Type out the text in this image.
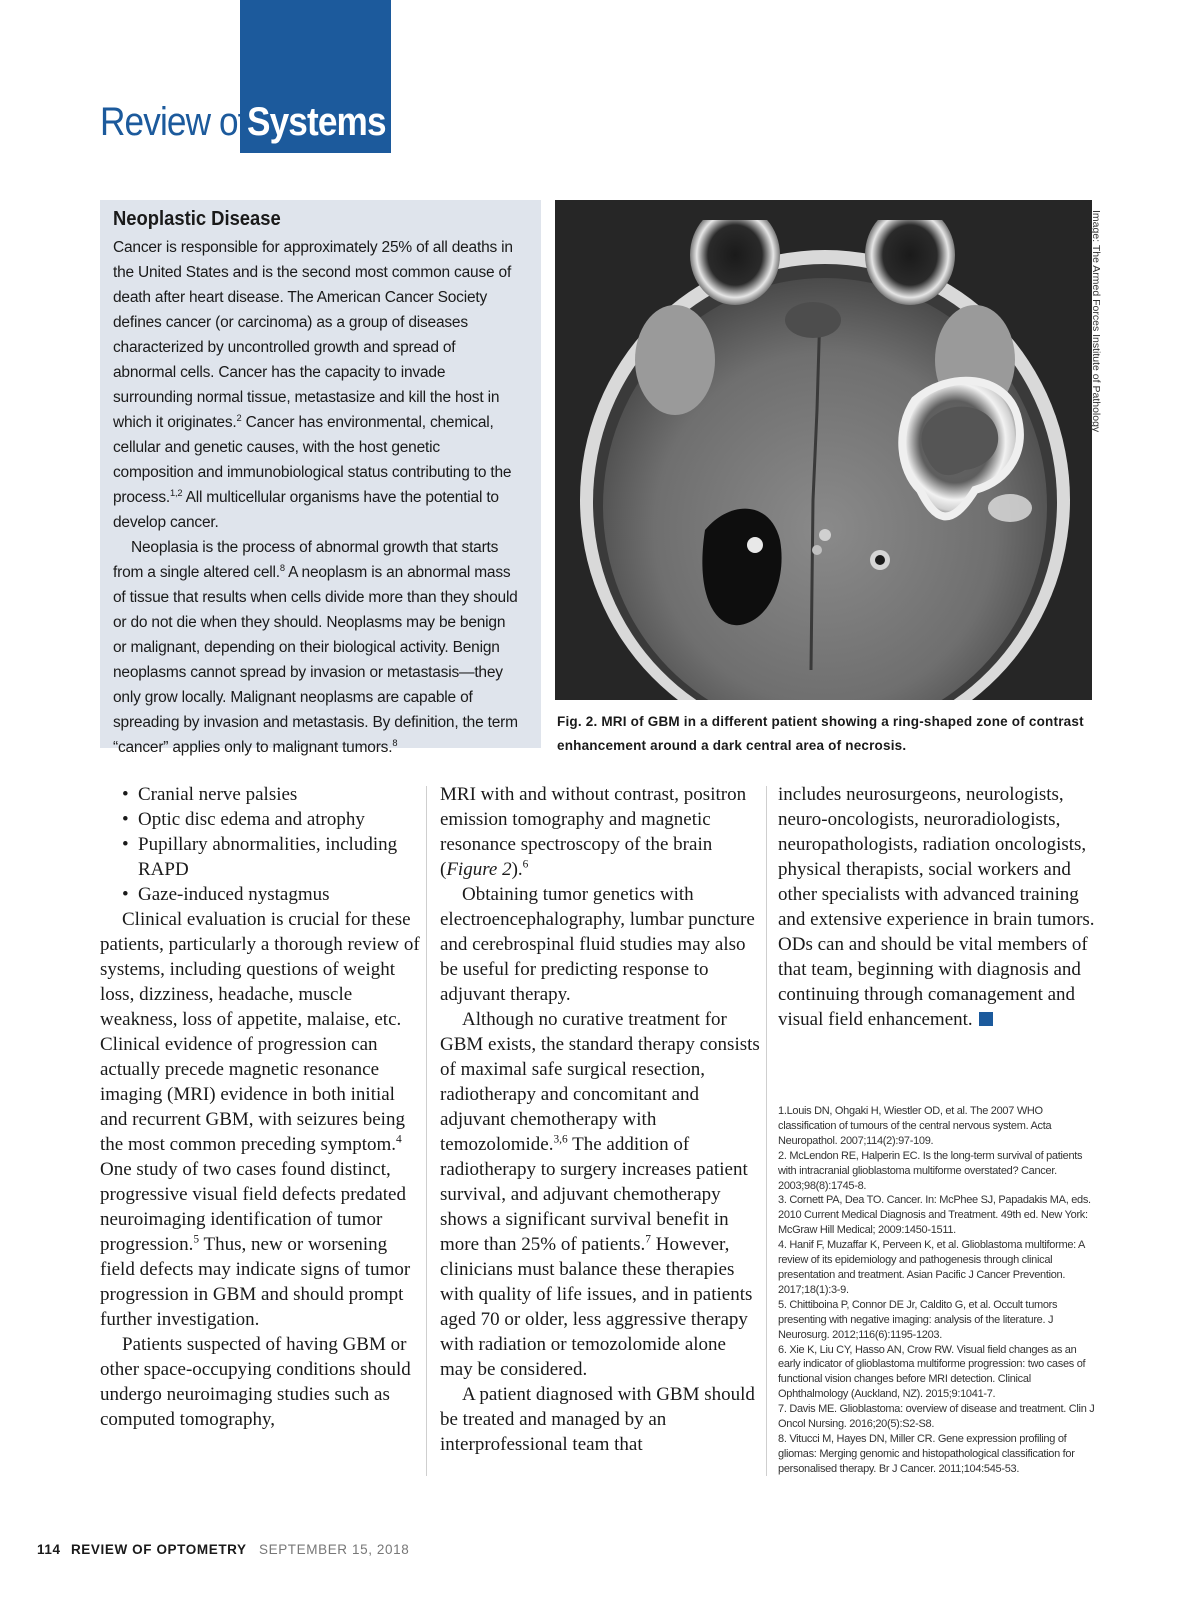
Review of Systems
Neoplastic Disease

Cancer is responsible for approximately 25% of all deaths in the United States and is the second most common cause of death after heart disease. The American Cancer Society defines cancer (or carcinoma) as a group of diseases characterized by uncontrolled growth and spread of abnormal cells. Cancer has the capacity to invade surrounding normal tissue, metastasize and kill the host in which it originates.$^2$ Cancer has environmental, chemical, cellular and genetic causes, with the host genetic composition and immunobiological status contributing to the process.$^{1,2}$ All multicellular organisms have the potential to develop cancer.

Neoplasia is the process of abnormal growth that starts from a single altered cell.$^8$ A neoplasm is an abnormal mass of tissue that results when cells divide more than they should or do not die when they should. Neoplasms may be benign or malignant, depending on their biological activity. Benign neoplasms cannot spread by invasion or metastasis—they only grow locally. Malignant neoplasms are capable of spreading by invasion and metastasis. By definition, the term “cancer” applies only to malignant tumors.$^8$

Image: The Armed Forces Institute of Pathology
Fig. 2. MRI of GBM in a different patient showing a ring-shaped zone of contrast enhancement around a dark central area of necrosis.
• Cranial nerve palsies
• Optic disc edema and atrophy
• Pupillary abnormalities, including RAPD
• Gaze-induced nystagmus

Clinical evaluation is crucial for these patients, particularly a thorough review of systems, including questions of weight loss, dizziness, headache, muscle weakness, loss of appetite, malaise, etc. Clinical evidence of progression can actually precede magnetic resonance imaging (MRI) evidence in both initial and recurrent GBM, with seizures being the most common preceding symptom.$^4$ One study of two cases found distinct, progressive visual field defects predated neuroimaging identification of tumor progression.$^5$ Thus, new or worsening field defects may indicate signs of tumor progression in GBM and should prompt further investigation.

Patients suspected of having GBM or other space-occupying conditions should undergo neuroimaging studies such as computed tomography,

MRI with and without contrast, positron emission tomography and magnetic resonance spectroscopy of the brain (Figure 2).$^6$

Obtaining tumor genetics with electroencephalography, lumbar puncture and cerebrospinal fluid studies may also be useful for predicting response to adjuvant therapy.

Although no curative treatment for GBM exists, the standard therapy consists of maximal safe surgical resection, radiotherapy and concomitant and adjuvant chemotherapy with temozolomide.$^{3,6}$ The addition of radiotherapy to surgery increases patient survival, and adjuvant chemotherapy shows a significant survival benefit in more than 25% of patients.$^7$ However, clinicians must balance these therapies with quality of life issues, and in patients aged 70 or older, less aggressive therapy with radiation or temozolomide alone may be considered.

A patient diagnosed with GBM should be treated and managed by an interprofessional team that

includes neurosurgeons, neurologists, neuro-oncologists, neuroradiologists, neuropathologists, radiation oncologists, physical therapists, social workers and other specialists with advanced training and extensive experience in brain tumors. ODs can and should be vital members of that team, beginning with diagnosis and continuing through comanagement and visual field enhancement.

1.Louis DN, Ohgaki H, Wiestler OD, et al. The 2007 WHO classification of tumours of the central nervous system. Acta Neuropathol. 2007;114(2):97-109.
2. McLendon RE, Halperin EC. Is the long-term survival of patients with intracranial glioblastoma multiforme overstated? Cancer. 2003;98(8):1745-8.
3. Cornett PA, Dea TO. Cancer. In: McPhee SJ, Papadakis MA, eds. 2010 Current Medical Diagnosis and Treatment. 49th ed. New York: McGraw Hill Medical; 2009:1450-1511.
4. Hanif F, Muzaffar K, Perveen K, et al. Glioblastoma multiforme: A review of its epidemiology and pathogenesis through clinical presentation and treatment. Asian Pacific J Cancer Prevention. 2017;18(1):3-9.
5. Chittiboina P, Connor DE Jr, Caldito G, et al. Occult tumors presenting with negative imaging: analysis of the literature. J Neurosurg. 2012;116(6):1195-1203.
6. Xie K, Liu CY, Hasso AN, Crow RW. Visual field changes as an early indicator of glioblastoma multiforme progression: two cases of functional vision changes before MRI detection. Clinical Ophthalmology (Auckland, NZ). 2015;9:1041-7.
7. Davis ME. Glioblastoma: overview of disease and treatment. Clin J Oncol Nursing. 2016;20(5):S2-S8.
8. Vitucci M, Hayes DN, Miller CR. Gene expression profiling of gliomas: Merging genomic and histopathological classification for personalised therapy. Br J Cancer. 2011;104:545-53.
114 REVIEW OF OPTOMETRY SEPTEMBER 15, 2018
